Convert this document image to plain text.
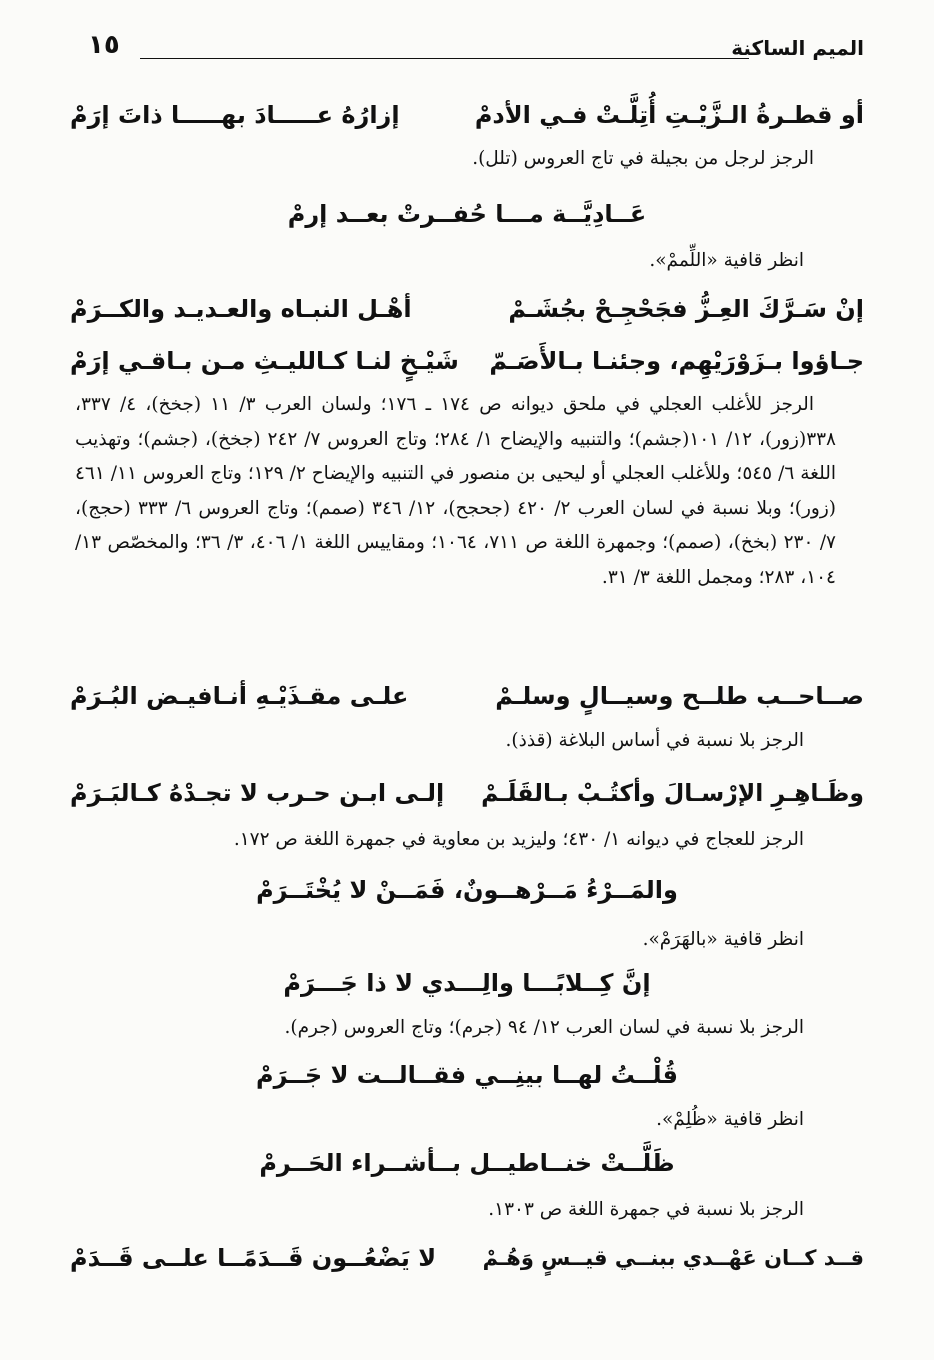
الميم الساكنة
١٥
أو قطـرةُ الـزَّيْـتِ أُتِلَّـتْ فـي الأدمْ
إزارُهُ عـــــادَ بهـــــا ذاتَ إرَمْ
الرجز لرجل من بجيلة في تاج العروس (تلل).
عَــادِيَّــة مـــا حُفــرتْ بعــد إرمْ
انظر قافية «اللِّممْ».
إنْ سَـرَّكَ العِـزُّ فجَحْجِـحْ بجُشَـمْ
أهْـل النبـاه والعـديـد والكــرَمْ
جـاؤوا بـزَوْرَيْهِم، وجئنـا بـالأَصَـمّ
شَيْـخٍ لنـا كـالليـثِ مـن بـاقـي إرَمْ
الرجز للأغلب العجلي في ملحق ديوانه ص ١٧٤ ـ ١٧٦؛ ولسان العرب ٣/ ١١ (جخخ)، ٤/ ٣٣٧، ٣٣٨(زور)، ١٢/ ١٠١(جشم)؛ والتنبيه والإيضاح ١/ ٢٨٤؛ وتاج العروس ٧/ ٢٤٢ (جخخ)، (جشم)؛ وتهذيب اللغة ٦/ ٥٤٥؛ وللأغلب العجلي أو ليحيى بن منصور في التنبيه والإيضاح ٢/ ١٢٩؛ وتاج العروس ١١/ ٤٦١ (زور)؛ وبلا نسبة في لسان العرب ٢/ ٤٢٠ (جحجح)، ١٢/ ٣٤٦ (صمم)؛ وتاج العروس ٦/ ٣٣٣ (حجج)، ٧/ ٢٣٠ (بخخ)، (صمم)؛ وجمهرة اللغة ص ٧١١، ١٠٦٤؛ ومقاييس اللغة ١/ ٤٠٦، ٣/ ٣٦؛ والمخصّص ١٣/ ١٠٤، ٢٨٣؛ ومجمل اللغة ٣/ ٣١.
صــاحــب طلــح وسيــالٍ وسلـمْ
علـى مقـذَيْـهِ أنـافيـض البُـرَمْ
الرجز بلا نسبة في أساس البلاغة (قذذ).
وظَـاهِـرِ الإرْسـالَ وأكتُـبْ بـالقَلَـمْ
إلـى ابـن حـرب لا تجـدْهُ كـالبَـرَمْ
الرجز للعجاج في ديوانه ١/ ٤٣٠؛ وليزيد بن معاوية في جمهرة اللغة ص ١٧٢.
والمَــرْءُ مَــرْهــونٌ، فَمَــنْ لا يُخْتَــرَمْ
انظر قافية «بالهَرَمْ».
إنَّ كِــلابًـــا والِـــدي لا ذا جَـــرَمْ
الرجز بلا نسبة في لسان العرب ١٢/ ٩٤ (جرم)؛ وتاج العروس (جرم).
قُلْــتُ لهــا بينِــي فقــالــت لا جَــرَمْ
انظر قافية «ظُلِمْ».
ظَلَّــتْ خنــاطيــل بــأشــراء الحَــرمْ
الرجز بلا نسبة في جمهرة اللغة ص ١٣٠٣.
قــد كــان عَهْــدي ببنــي قيــسٍ وَهُـمْ
لا يَضْعُــون قَــدَمًــا علــى قَــدَمْ
